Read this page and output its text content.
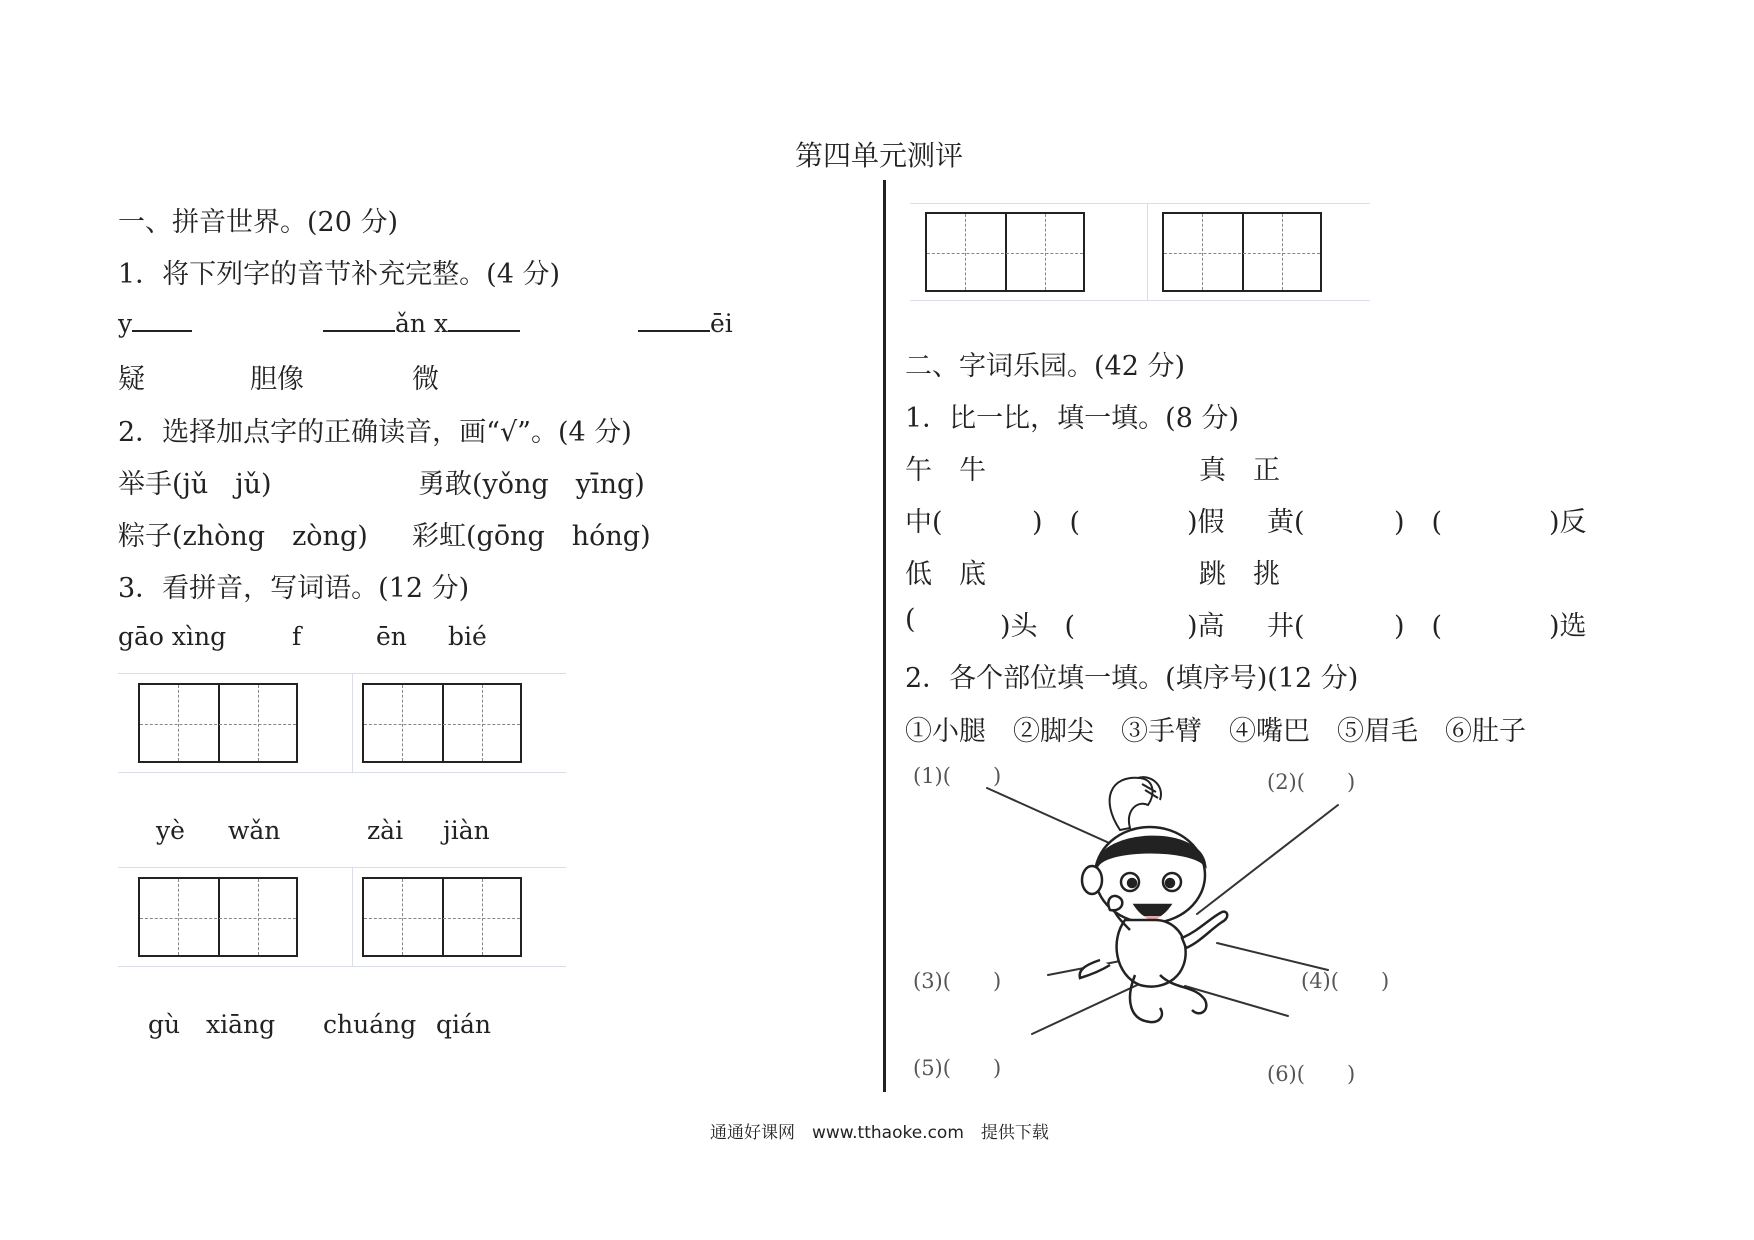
第四单元测评
一、拼音世界。(20 分)
1．将下列字的音节补充完整。(4 分)
y	ǎn x	ēi
疑	胆像	微
2．选择加点字的正确读音，画“√”。(4 分)
举手(jǔ　jǔ)	勇敢(yǒng　yīng)
粽子(zhòng　zòng) 彩虹(gōng　hóng)
3．看拼音，写词语。(12 分)
gāo xìng	f	ēn bié
yè wǎn	zài jiàn
gù xiāng chuáng qián
二、字词乐园。(42 分)
1．比一比，填一填。(8 分)
午　牛	真　正
中(	)　(	)假 黄(	)　(	)反
低　底	跳　挑
(	)头　(	)高 井(	)　(	)选
2．各个部位填一填。(填序号)(12 分)
①小腿　②脚尖　③手臂　④嘴巴　⑤眉毛　⑥肚子
(1)(　　)	(2)(　　)
(3)(　　)	(4)(　　)
(5)(　　)	(6)(　　)
通通好课网　www.tthaoke.com　提供下载
